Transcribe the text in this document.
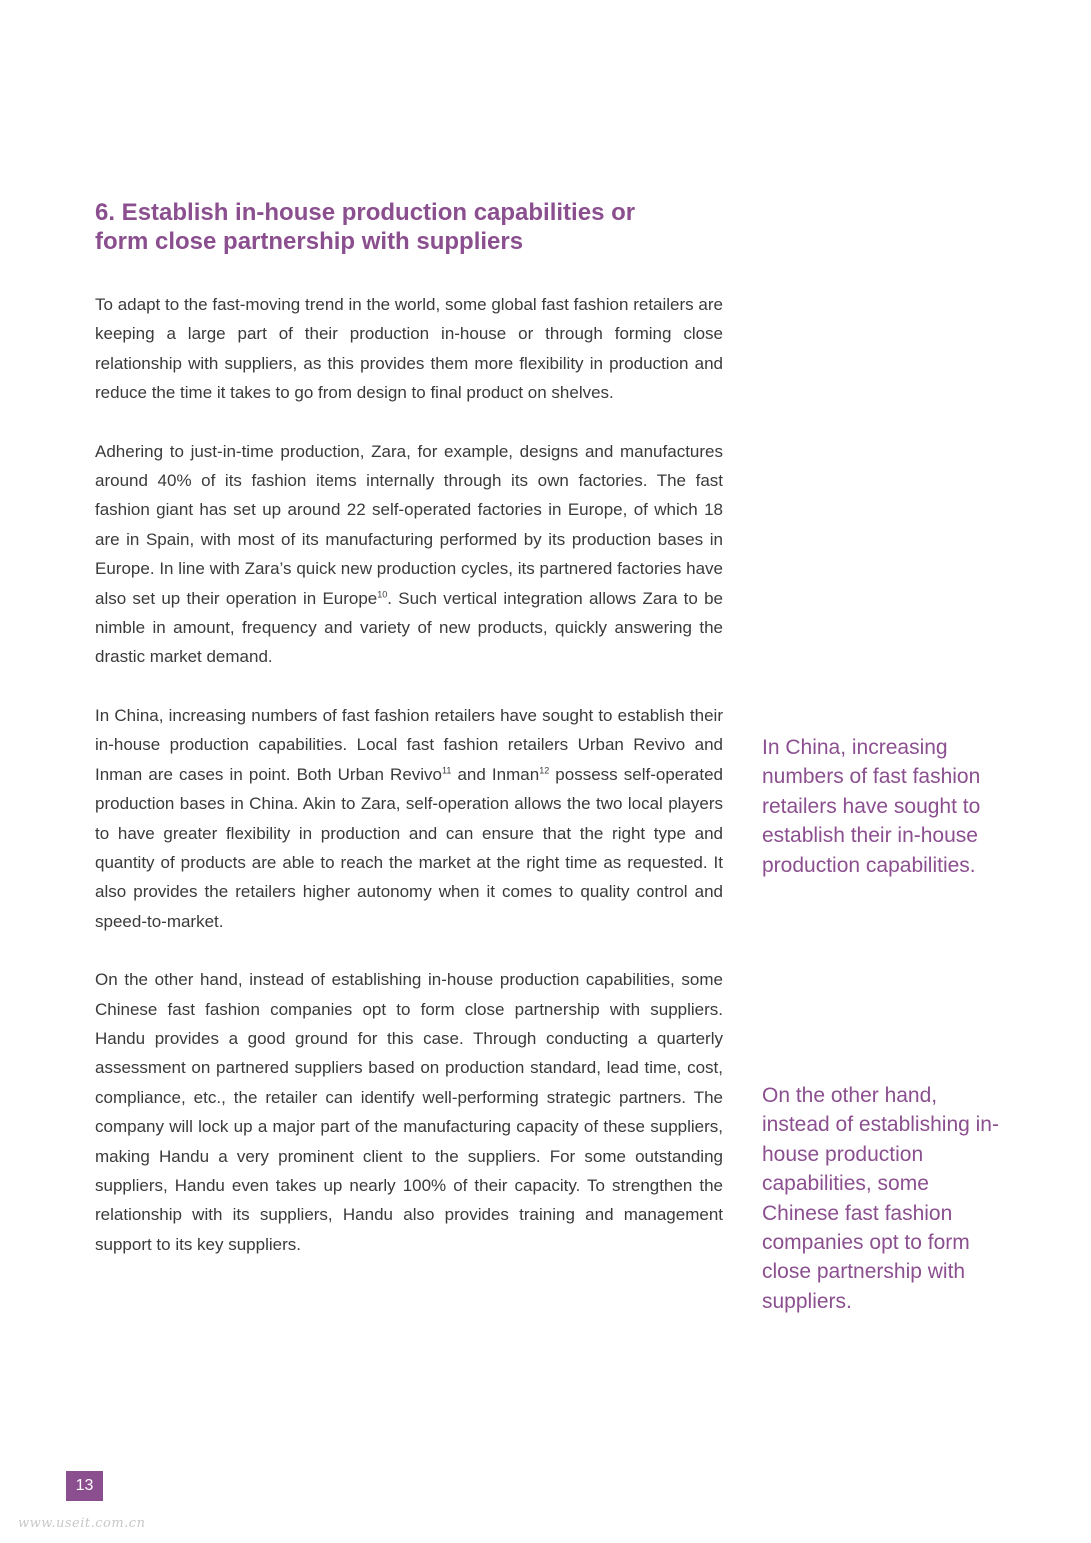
6. Establish in-house production capabilities or
form close partnership with suppliers

To adapt to the fast-moving trend in the world, some global fast fashion retailers are keeping a large part of their production in-house or through forming close relationship with suppliers, as this provides them more flexibility in production and reduce the time it takes to go from design to final product on shelves.

Adhering to just-in-time production, Zara, for example, designs and manufactures around 40% of its fashion items internally through its own factories. The fast fashion giant has set up around 22 self-operated factories in Europe, of which 18 are in Spain, with most of its manufacturing performed by its production bases in Europe. In line with Zara’s quick new production cycles, its partnered factories have also set up their operation in Europe$^{10}$. Such vertical integration allows Zara to be nimble in amount, frequency and variety of new products, quickly answering the drastic market demand.

In China, increasing numbers of fast fashion retailers have sought to establish their in-house production capabilities. Local fast fashion retailers Urban Revivo and Inman are cases in point. Both Urban Revivo$^{11}$ and Inman$^{12}$ possess self-operated production bases in China. Akin to Zara, self-operation allows the two local players to have greater flexibility in production and can ensure that the right type and quantity of products are able to reach the market at the right time as requested. It also provides the retailers higher autonomy when it comes to quality control and speed-to-market.

On the other hand, instead of establishing in-house production capabilities, some Chinese fast fashion companies opt to form close partnership with suppliers. Handu provides a good ground for this case. Through conducting a quarterly assessment on partnered suppliers based on production standard, lead time, cost, compliance, etc., the retailer can identify well-performing strategic partners. The company will lock up a major part of the manufacturing capacity of these suppliers, making Handu a very prominent client to the suppliers. For some outstanding suppliers, Handu even takes up nearly 100% of their capacity. To strengthen the relationship with its suppliers, Handu also provides training and management support to its key suppliers.

In China, increasing numbers of fast fashion retailers have sought to establish their in-house production capabilities.

On the other hand, instead of establishing in-house production capabilities, some Chinese fast fashion companies opt to form close partnership with suppliers.

13
www.useit.com.cn
